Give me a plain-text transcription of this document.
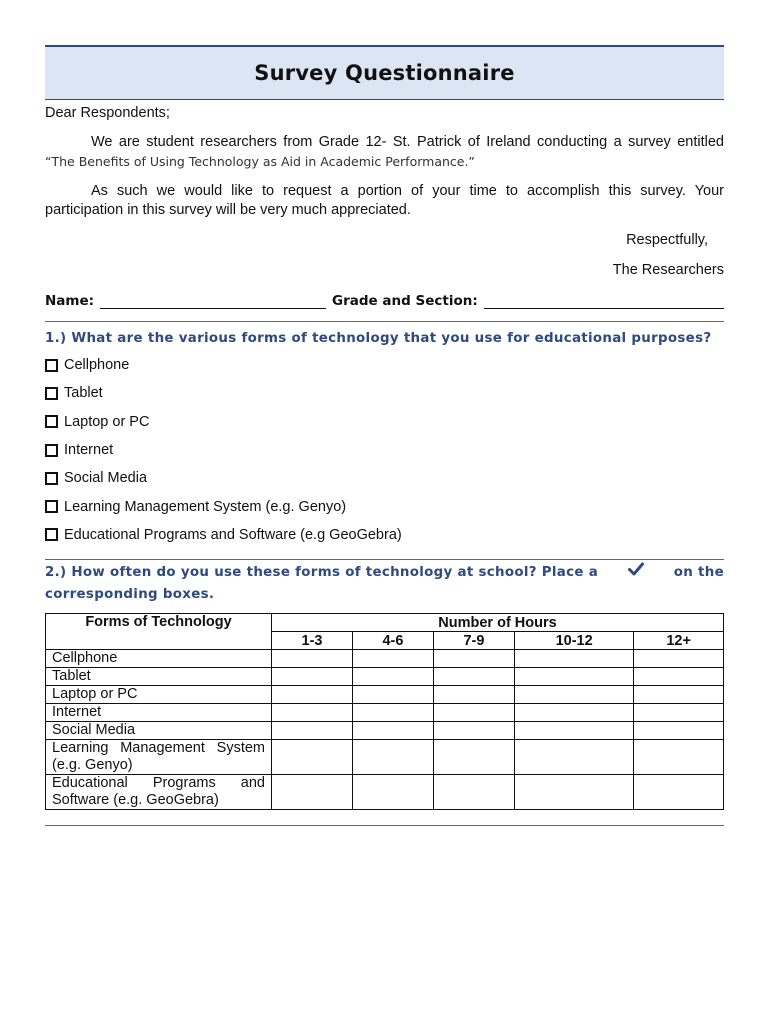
Survey Questionnaire

Dear Respondents;

We are student researchers from Grade 12- St. Patrick of Ireland conducting a survey entitled

“The Benefits of Using Technology as Aid in Academic Performance.”

As such we would like to request a portion of your time to accomplish this survey. Your participation in this survey will be very much appreciated.

Respectfully,

The Researchers

Name:	Grade and Section:
1.) What are the various forms of technology that you use for educational purposes?
Cellphone
Tablet
Laptop or PC
Internet
Social Media
Learning Management System (e.g. Genyo)
Educational Programs and Software (e.g GeoGebra)
2.) How often do you use these forms of technology at school? Place a	on the
corresponding boxes.
Forms of Technology	Number of Hours				
	1-3	4-6	7-9	10-12	12+
Cellphone					
Tablet					
Laptop or PC					
Internet					
Social Media					

Learning Management System
(e.g. Genyo)					

Educational Programs and
Software (e.g. GeoGebra)					
